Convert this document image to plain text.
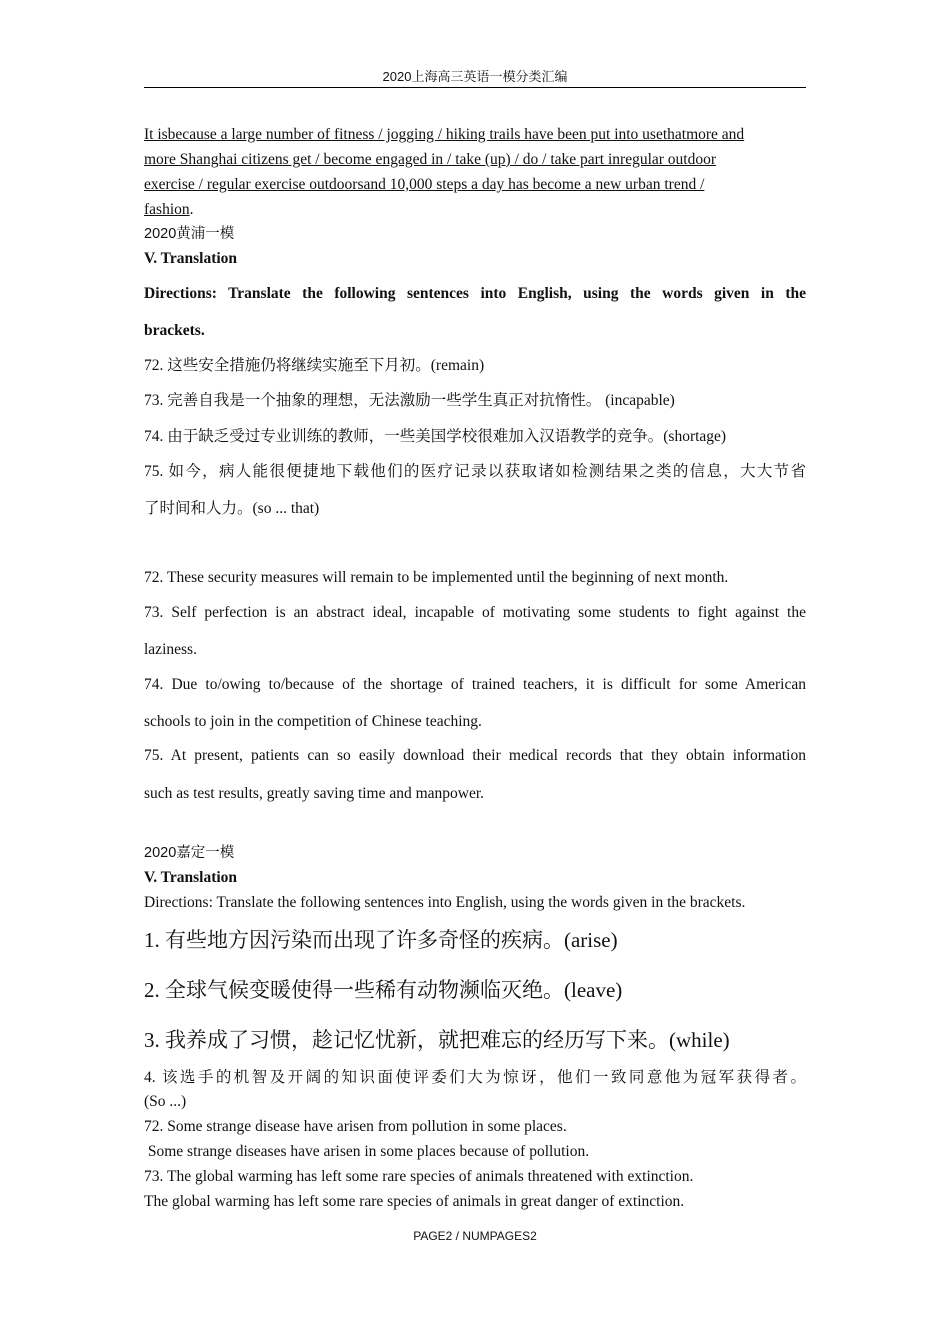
2020上海高三英语一模分类汇编
It isbecause a large number of fitness / jogging / hiking trails have been put into usethatmore and
more Shanghai citizens get / become engaged in / take (up) / do / take part inregular outdoor
exercise / regular exercise outdoorsand 10,000 steps a day has become a new urban trend /
fashion.
2020黄浦一模
V. Translation
Directions: Translate the following sentences into English, using the words given in the
brackets.
72. 这些安全措施仍将继续实施至下月初。(remain)
73. 完善自我是一个抽象的理想，无法激励一些学生真正对抗惰性。 (incapable)
74. 由于缺乏受过专业训练的教师，一些美国学校很难加入汉语教学的竞争。(shortage)
75. 如今，病人能很便捷地下载他们的医疗记录以获取诸如检测结果之类的信息，大大节省
了时间和人力。(so ... that)
72. These security measures will remain to be implemented until the beginning of next month.
73. Self perfection is an abstract ideal, incapable of motivating some students to fight against the
laziness.
74. Due to/owing to/because of the shortage of trained teachers, it is difficult for some American
schools to join in the competition of Chinese teaching.
75. At present, patients can so easily download their medical records that they obtain information
such as test results, greatly saving time and manpower.
2020嘉定一模
V. Translation
Directions: Translate the following sentences into English, using the words given in the brackets.
1. 有些地方因污染而出现了许多奇怪的疾病。(arise)
2. 全球气候变暖使得一些稀有动物濒临灭绝。(leave)
3. 我养成了习惯，趁记忆忧新，就把难忘的经历写下来。(while)
4. 该选手的机智及开阔的知识面使评委们大为惊讶，他们一致同意他为冠军获得者。
(So ...)
72. Some strange disease have arisen from pollution in some places.
Some strange diseases have arisen in some places because of pollution.
73. The global warming has left some rare species of animals threatened with extinction.
The global warming has left some rare species of animals in great danger of extinction.
PAGE2 / NUMPAGES2
